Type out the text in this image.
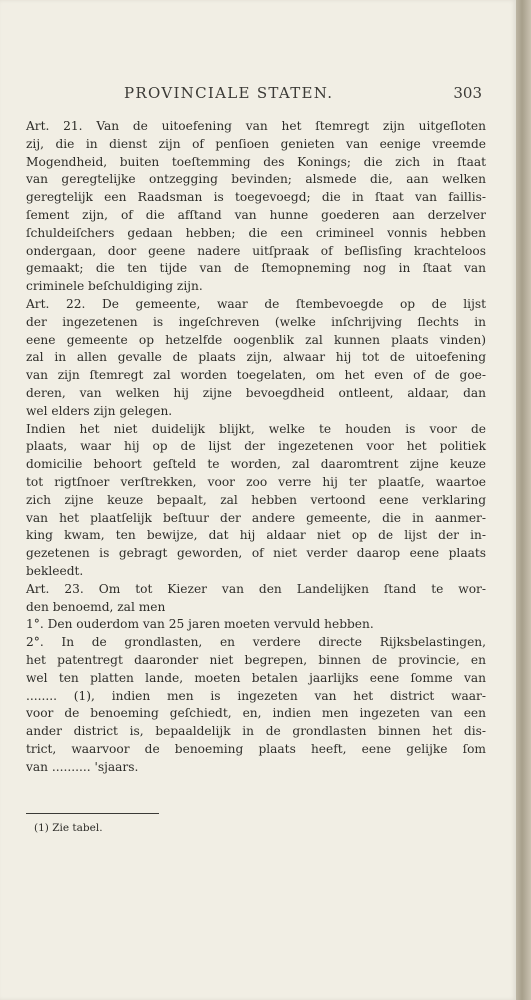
PROVINCIALE STATEN.	303
Art. 21. Van de uitoefening van het ſtemregt zijn uitgeſloten
zij, die in dienst zijn of penſioen genieten van eenige vreemde
Mogendheid, buiten toeſtemming des Konings; die zich in ſtaat
van geregtelijke ontzegging bevinden; alsmede die, aan welken
geregtelijk een Raadsman is toegevoegd; die in ſtaat van faillis-
ſement zijn, of die afſtand van hunne goederen aan derzelver
ſchuldeiſchers gedaan hebben; die een crimineel vonnis hebben
ondergaan, door geene nadere uitſpraak of beſlisſing krachteloos
gemaakt; die ten tijde van de ſtemopneming nog in ſtaat van
criminele beſchuldiging zijn.
Art. 22. De gemeente, waar de ſtembevoegde op de lijst
der ingezetenen is ingeſchreven (welke inſchrijving ſlechts in
eene gemeente op hetzelfde oogenblik zal kunnen plaats vinden)
zal in allen gevalle de plaats zijn, alwaar hij tot de uitoefening
van zijn ſtemregt zal worden toegelaten, om het even of de goe-
deren, van welken hij zijne bevoegdheid ontleent, aldaar, dan
wel elders zijn gelegen.
Indien het niet duidelijk blijkt, welke te houden is voor de
plaats, waar hij op de lijst der ingezetenen voor het politiek
domicilie behoort geſteld te worden, zal daaromtrent zijne keuze
tot rigtſnoer verſtrekken, voor zoo verre hij ter plaatſe, waartoe
zich zijne keuze bepaalt, zal hebben vertoond eene verklaring
van het plaatſelijk beſtuur der andere gemeente, die in aanmer-
king kwam, ten bewijze, dat hij aldaar niet op de lijst der in-
gezetenen is gebragt geworden, of niet verder daarop eene plaats
bekleedt.
Art. 23. Om tot Kiezer van den Landelijken ſtand te wor-
den benoemd, zal men
1°. Den ouderdom van 25 jaren moeten vervuld hebben.
2°. In de grondlasten, en verdere directe Rijksbelastingen,
het patentregt daaronder niet begrepen, binnen de provincie, en
wel ten platten lande, moeten betalen jaarlijks eene ſomme van
........ (1), indien men is ingezeten van het district waar-
voor de benoeming geſchiedt, en, indien men ingezeten van een
ander district is, bepaaldelijk in de grondlasten binnen het dis-
trict, waarvoor de benoeming plaats heeft, eene gelijke ſom
van .......... 'sjaars.
(1) Zie tabel.
